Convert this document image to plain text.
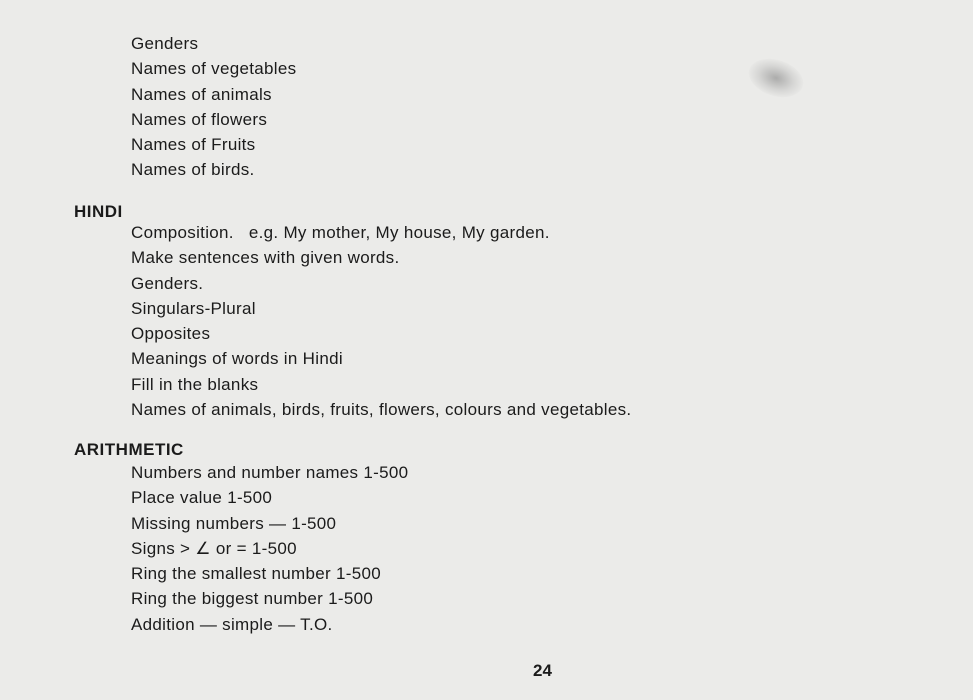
Genders
Names of vegetables
Names of animals
Names of flowers
Names of Fruits
Names of birds.
HINDI
Composition.   e.g. My mother, My house, My garden.
Make sentences with given words.
Genders.
Singulars-Plural
Opposites
Meanings of words in Hindi
Fill in the blanks
Names of animals, birds, fruits, flowers, colours and vegetables.
ARITHMETIC
Numbers and number names 1-500
Place value 1-500
Missing numbers — 1-500
Signs > ∠ or = 1-500
Ring the smallest number 1-500
Ring the biggest number 1-500
Addition — simple — T.O.
24
